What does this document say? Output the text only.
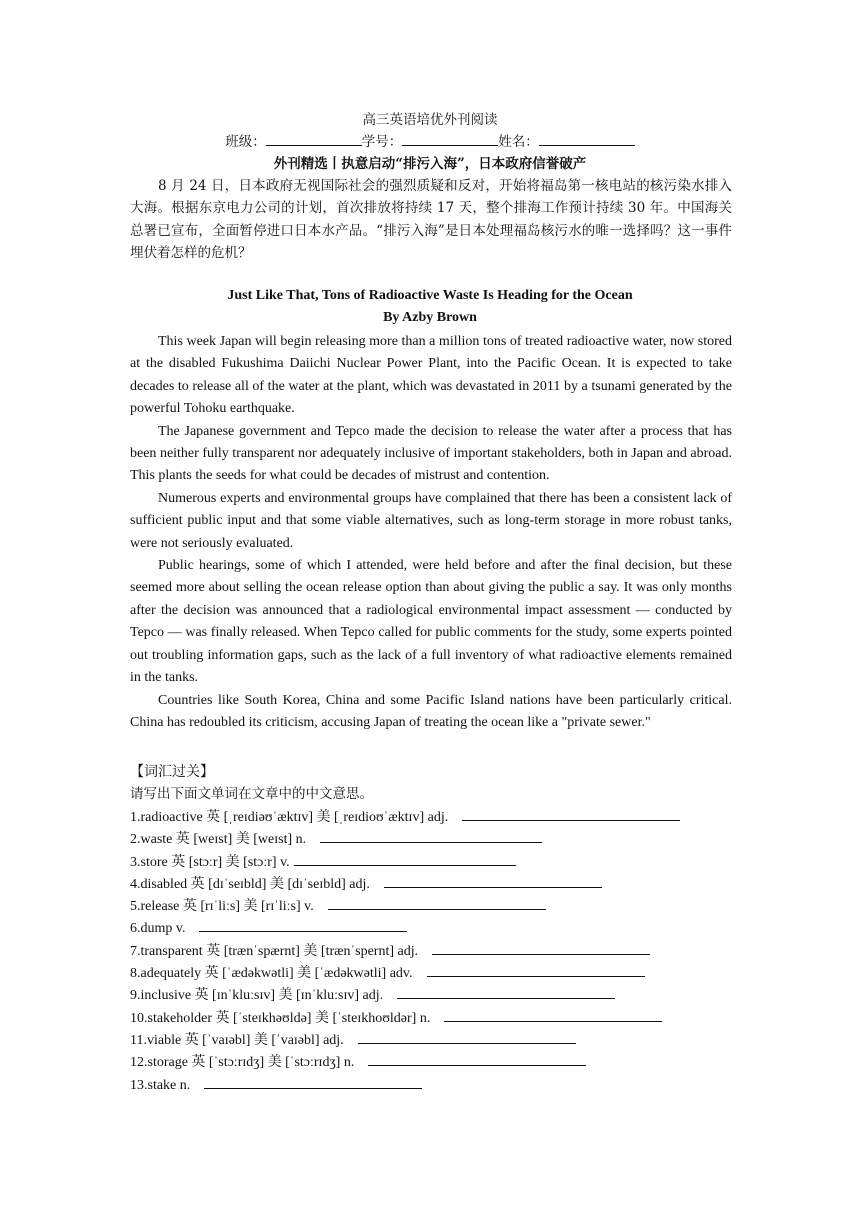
高三英语培优外刊阅读
班级：	学号：	姓名：
外刊精选丨执意启动“排污入海”，日本政府信誉破产

8 月 24 日，日本政府无视国际社会的强烈质疑和反对，开始将福岛第一核电站的核污染水排入大海。根据东京电力公司的计划，首次排放将持续 17 天，整个排海工作预计持续 30 年。中国海关总署已宣布，全面暂停进口日本水产品。“排污入海”是日本处理福岛核污水的唯一选择吗？这一事件埋伏着怎样的危机？

Just Like That, Tons of Radioactive Waste Is Heading for the Ocean
By Azby Brown

This week Japan will begin releasing more than a million tons of treated radioactive water, now stored at the disabled Fukushima Daiichi Nuclear Power Plant, into the Pacific Ocean. It is expected to take decades to release all of the water at the plant, which was devastated in 2011 by a tsunami generated by the powerful Tohoku earthquake.

The Japanese government and Tepco made the decision to release the water after a process that has been neither fully transparent nor adequately inclusive of important stakeholders, both in Japan and abroad. This plants the seeds for what could be decades of mistrust and contention.

Numerous experts and environmental groups have complained that there has been a consistent lack of sufficient public input and that some viable alternatives, such as long-term storage in more robust tanks, were not seriously evaluated.

Public hearings, some of which I attended, were held before and after the final decision, but these seemed more about selling the ocean release option than about giving the public a say. It was only months after the decision was announced that a radiological environmental impact assessment — conducted by Tepco — was finally released. When Tepco called for public comments for the study, some experts pointed out troubling information gaps, such as the lack of a full inventory of what radioactive elements remained in the tanks.

Countries like South Korea, China and some Pacific Island nations have been particularly critical. China has redoubled its criticism, accusing Japan of treating the ocean like a "private sewer."

【词汇过关】
请写出下面文单词在文章中的中文意思。
1.radioactive 英 [ˌreɪdiəʊˈæktɪv] 美 [ˌreɪdioʊˈæktɪv] adj.
2.waste 英 [weɪst] 美 [weɪst] n.
3.store 英 [stɔːr] 美 [stɔːr] v.
4.disabled 英 [dɪˈseɪbld] 美 [dɪˈseɪbld] adj.
5.release 英 [rɪˈliːs] 美 [rɪˈliːs] v.
6.dump v.
7.transparent 英 [trænˈspærnt] 美 [trænˈspernt] adj.
8.adequately 英 [ˈædəkwətli] 美 [ˈædəkwətli] adv.
9.inclusive 英 [ɪnˈkluːsɪv] 美 [ɪnˈkluːsɪv] adj.
10.stakeholder 英 [ˈsteɪkhəʊldə] 美 [ˈsteɪkhoʊldər] n.
11.viable 英 [ˈvaɪəbl] 美 [ˈvaɪəbl] adj.
12.storage 英 [ˈstɔːrɪdʒ] 美 [ˈstɔːrɪdʒ] n.
13.stake n.
